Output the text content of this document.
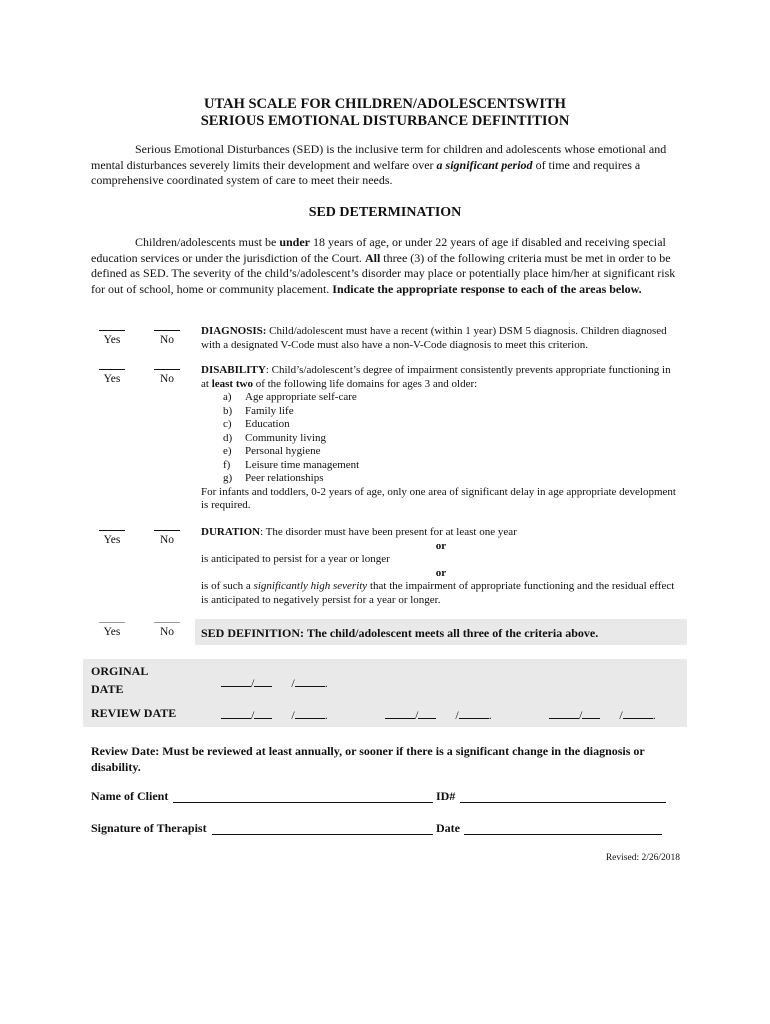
UTAH SCALE FOR CHILDREN/ADOLESCENTSWITH
SERIOUS EMOTIONAL DISTURBANCE DEFINTITION
Serious Emotional Disturbances (SED) is the inclusive term for children and adolescents whose emotional and mental disturbances severely limits their development and welfare over a significant period of time and requires a comprehensive coordinated system of care to meet their needs.
SED DETERMINATION
Children/adolescents must be under 18 years of age, or under 22 years of age if disabled and receiving special education services or under the jurisdiction of the Court. All three (3) of the following criteria must be met in order to be defined as SED. The severity of the child’s/adolescent’s disorder may place or potentially place him/her at significant risk for out of school, home or community placement. Indicate the appropriate response to each of the areas below.
Yes	No
DIAGNOSIS: Child/adolescent must have a recent (within 1 year) DSM 5 diagnosis. Children diagnosed with a designated V-Code must also have a non-V-Code diagnosis to meet this criterion.
Yes	No
DISABILITY: Child’s/adolescent’s degree of impairment consistently prevents appropriate functioning in at least two of the following life domains for ages 3 and older:
a)	Age appropriate self-care
b)	Family life
c)	Education
d)	Community living
e)	Personal hygiene
f)	Leisure time management
g)	Peer relationships
For infants and toddlers, 0-2 years of age, only one area of significant delay in age appropriate development is required.
Yes	No
DURATION: The disorder must have been present for at least one year
or
is anticipated to persist for a year or longer
or
is of such a significantly high severity that the impairment of appropriate functioning and the residual effect is anticipated to negatively persist for a year or longer.
Yes	No	SED DEFINITION: The child/adolescent meets all three of the criteria above.
ORGINAL
DATE	/	/	.
REVIEW DATE	/	/	.	/	/	.	/	/	.
Review Date: Must be reviewed at least annually, or sooner if there is a significant change in the diagnosis or disability.
Name of Client	ID#
Signature of Therapist	Date
Revised: 2/26/2018
